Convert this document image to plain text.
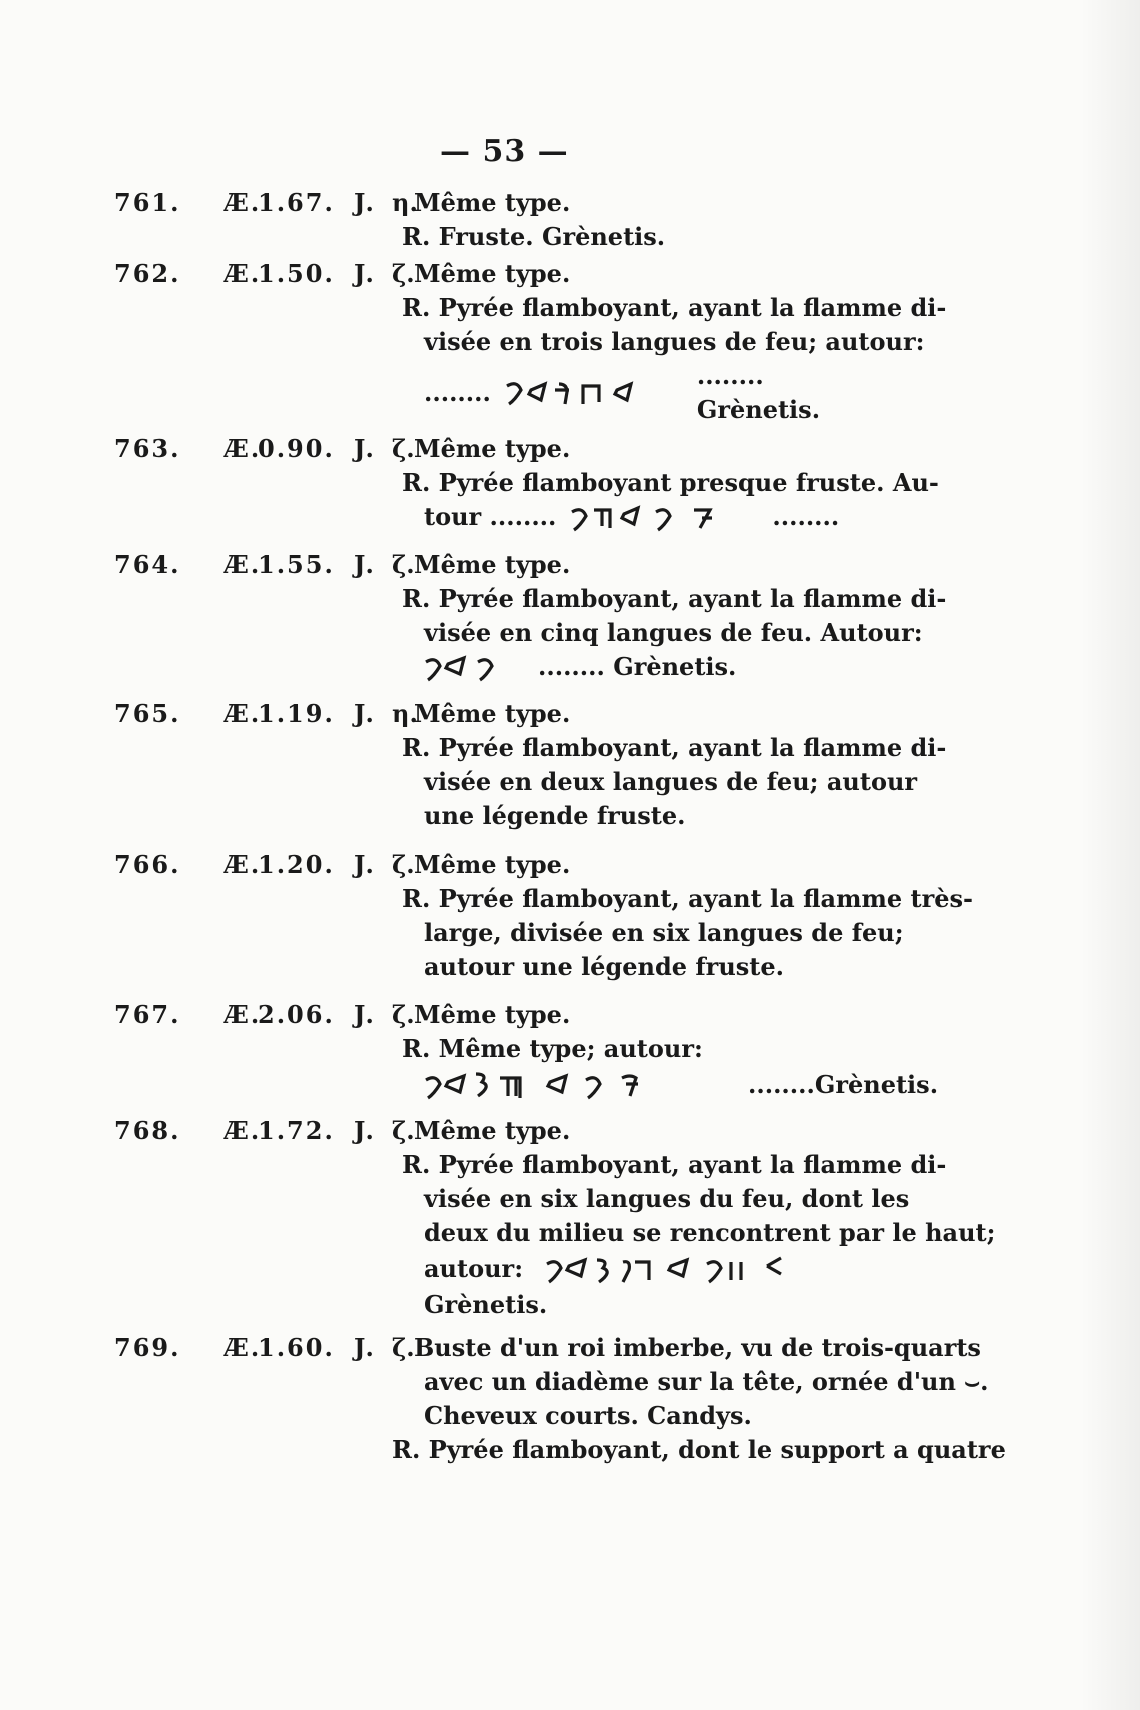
— 53 —
761. Æ.1.67. J. η.Même type.
R. Fruste. Grènetis.
762. Æ.1.50. J. ζ.Même type.
R. Pyrée flamboyant, ayant la flamme di-
visée en trois langues de feu; autour:
........
........ Grènetis.
763. Æ.0.90. J. ζ.Même type.
R. Pyrée flamboyant presque fruste. Au-
tour ........	........
764. Æ.1.55. J. ζ.Même type.
R. Pyrée flamboyant, ayant la flamme di-
visée en cinq langues de feu. Autour:
........ Grènetis.
765. Æ.1.19. J. η.Même type.
R. Pyrée flamboyant, ayant la flamme di-
visée en deux langues de feu; autour
une légende fruste.
766. Æ.1.20. J. ζ.Même type.
R. Pyrée flamboyant, ayant la flamme très-
large, divisée en six langues de feu;
autour une légende fruste.
767. Æ.2.06. J. ζ.Même type.
R. Même type; autour:
........Grènetis.
768. Æ.1.72. J. ζ.Même type.
R. Pyrée flamboyant, ayant la flamme di-
visée en six langues du feu, dont les
deux du milieu se rencontrent par le haut;
autour:
Grènetis.
769. Æ.1.60. J. ζ.Buste d'un roi imberbe, vu de trois-quarts
avec un diadème sur la tête, ornée d'un ⌣.
Cheveux courts. Candys.
R. Pyrée flamboyant, dont le support a quatre
